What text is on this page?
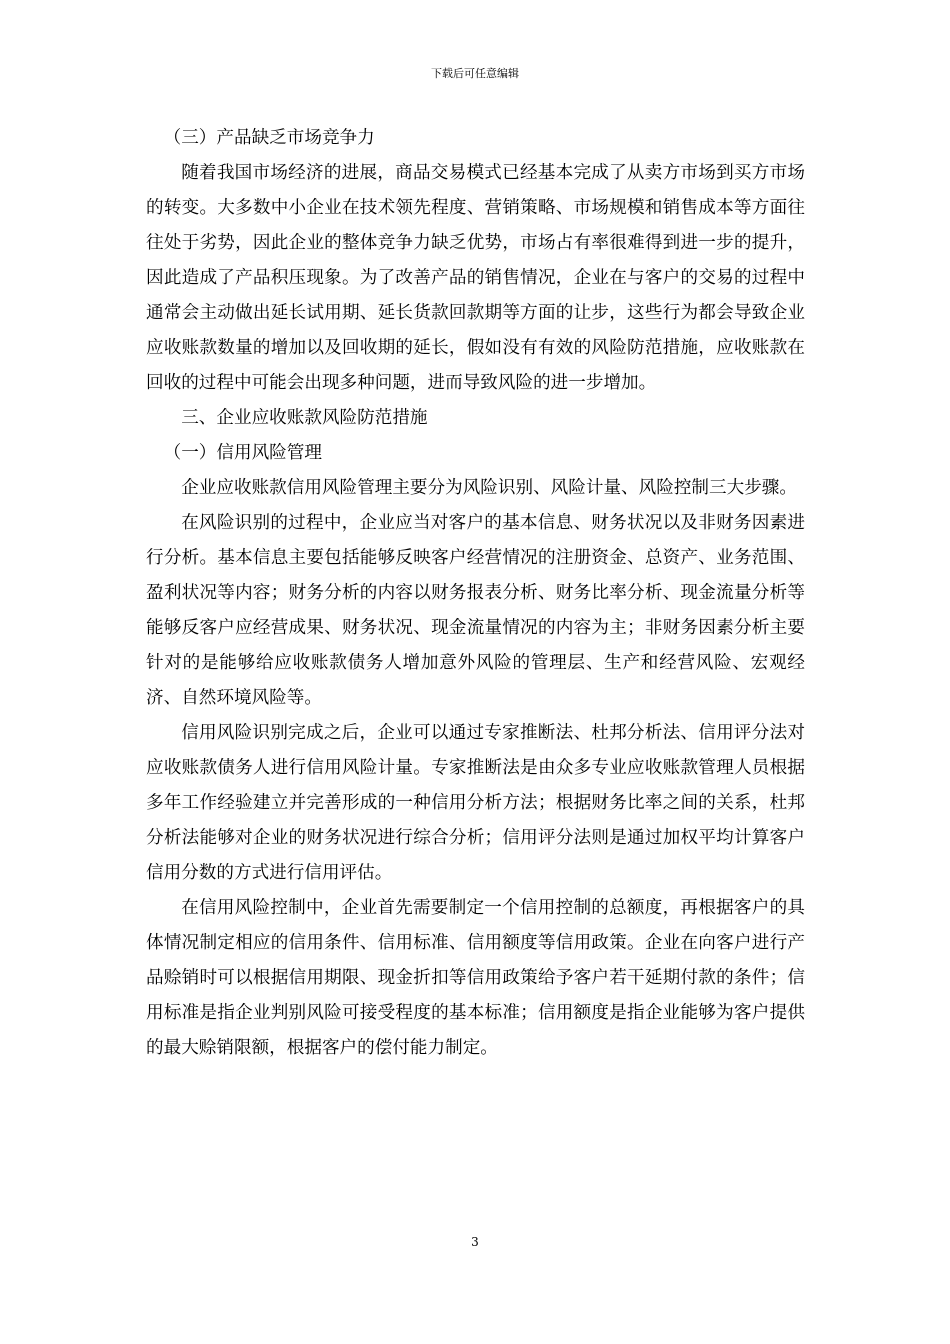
下载后可任意编辑

（三）产品缺乏市场竞争力

随着我国市场经济的进展，商品交易模式已经基本完成了从卖方市场到买方市场的转变。大多数中小企业在技术领先程度、营销策略、市场规模和销售成本等方面往往处于劣势，因此企业的整体竞争力缺乏优势，市场占有率很难得到进一步的提升，因此造成了产品积压现象。为了改善产品的销售情况，企业在与客户的交易的过程中通常会主动做出延长试用期、延长货款回款期等方面的让步，这些行为都会导致企业应收账款数量的增加以及回收期的延长，假如没有有效的风险防范措施，应收账款在回收的过程中可能会出现多种问题，进而导致风险的进一步增加。

三、企业应收账款风险防范措施

（一）信用风险管理

企业应收账款信用风险管理主要分为风险识别、风险计量、风险控制三大步骤。

在风险识别的过程中，企业应当对客户的基本信息、财务状况以及非财务因素进行分析。基本信息主要包括能够反映客户经营情况的注册资金、总资产、业务范围、盈利状况等内容；财务分析的内容以财务报表分析、财务比率分析、现金流量分析等能够反客户应经营成果、财务状况、现金流量情况的内容为主；非财务因素分析主要针对的是能够给应收账款债务人增加意外风险的管理层、生产和经营风险、宏观经济、自然环境风险等。

信用风险识别完成之后，企业可以通过专家推断法、杜邦分析法、信用评分法对应收账款债务人进行信用风险计量。专家推断法是由众多专业应收账款管理人员根据多年工作经验建立并完善形成的一种信用分析方法；根据财务比率之间的关系，杜邦分析法能够对企业的财务状况进行综合分析；信用评分法则是通过加权平均计算客户信用分数的方式进行信用评估。

在信用风险控制中，企业首先需要制定一个信用控制的总额度，再根据客户的具体情况制定相应的信用条件、信用标准、信用额度等信用政策。企业在向客户进行产品赊销时可以根据信用期限、现金折扣等信用政策给予客户若干延期付款的条件；信用标准是指企业判别风险可接受程度的基本标准；信用额度是指企业能够为客户提供的最大赊销限额，根据客户的偿付能力制定。

3
